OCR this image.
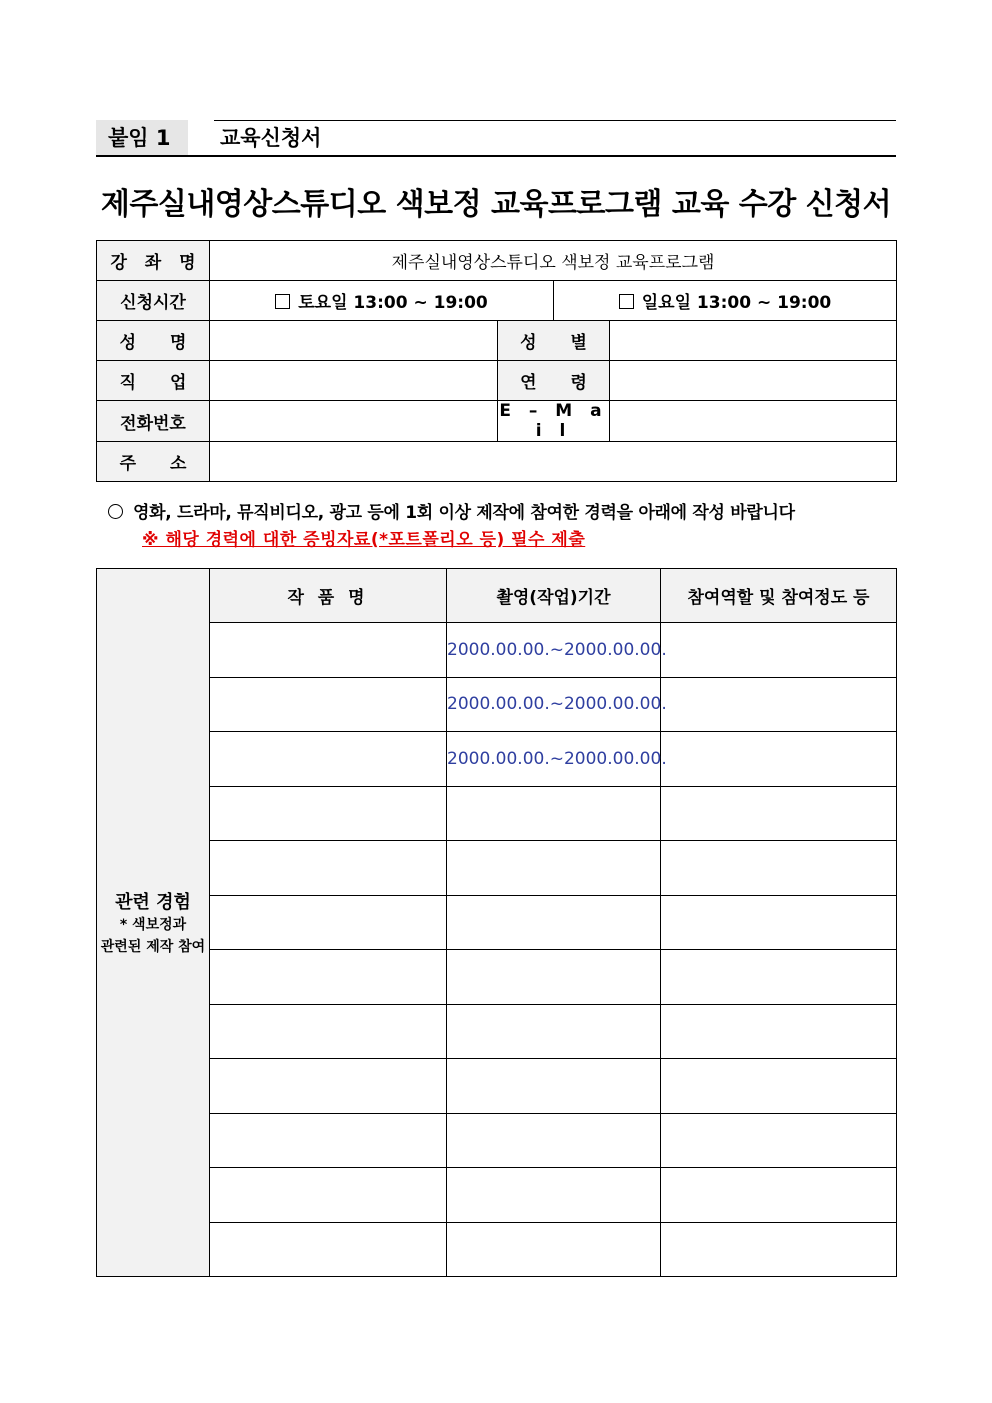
붙임 1	교육신청서
제주실내영상스튜디오 색보정 교육프로그램 교육 수강 신청서
강 좌 명	제주실내영상스튜디오 색보정 교육프로그램			
신청시간	토요일 13:00 ~ 19:00		일요일 13:00 ~ 19:00	
성 명		성 별		
직 업		연 령		
전화번호		E – M a i l		
주 소				
영화, 드라마, 뮤직비디오, 광고 등에 1회 이상 제작에 참여한 경력을 아래에 작성 바랍니다
※ 해당 경력에 대한 증빙자료(*포트폴리오 등) 필수 제출
관련 경험
* 색보정과
관련된 제작 참여	작 품 명	촬영(작업)기간	참여역할 및 참여정도 등
		2000.00.00.~2000.00.00.	
		2000.00.00.~2000.00.00.	
		2000.00.00.~2000.00.00.	
